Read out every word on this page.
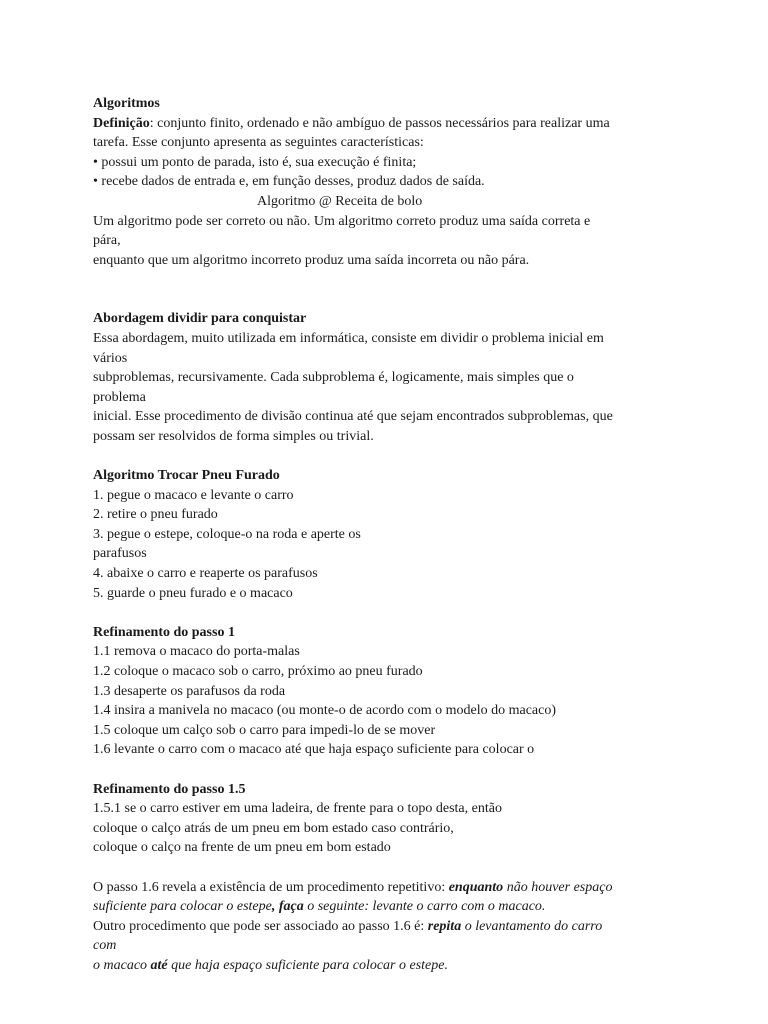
Algoritmos
Definição: conjunto finito, ordenado e não ambíguo de passos necessários para realizar uma
tarefa. Esse conjunto apresenta as seguintes características:
• possui um ponto de parada, isto é, sua execução é finita;
• recebe dados de entrada e, em função desses, produz dados de saída.
Algoritmo @ Receita de bolo
Um algoritmo pode ser correto ou não. Um algoritmo correto produz uma saída correta e
pára,
enquanto que um algoritmo incorreto produz uma saída incorreta ou não pára.
Abordagem dividir para conquistar
Essa abordagem, muito utilizada em informática, consiste em dividir o problema inicial em
vários
subproblemas, recursivamente. Cada subproblema é, logicamente, mais simples que o
problema
inicial. Esse procedimento de divisão continua até que sejam encontrados subproblemas, que
possam ser resolvidos de forma simples ou trivial.
Algoritmo Trocar Pneu Furado
1. pegue o macaco e levante o carro
2. retire o pneu furado
3. pegue o estepe, coloque-o na roda e aperte os
parafusos
4. abaixe o carro e reaperte os parafusos
5. guarde o pneu furado e o macaco
Refinamento do passo 1
1.1 remova o macaco do porta-malas
1.2 coloque o macaco sob o carro, próximo ao pneu furado
1.3 desaperte os parafusos da roda
1.4 insira a manivela no macaco (ou monte-o de acordo com o modelo do macaco)
1.5 coloque um calço sob o carro para impedi-lo de se mover
1.6 levante o carro com o macaco até que haja espaço suficiente para colocar o
Refinamento do passo 1.5
1.5.1 se o carro estiver em uma ladeira, de frente para o topo desta, então
coloque o calço atrás de um pneu em bom estado caso contrário,
coloque o calço na frente de um pneu em bom estado
O passo 1.6 revela a existência de um procedimento repetitivo: enquanto não houver espaço
suficiente para colocar o estepe, faça o seguinte: levante o carro com o macaco.
Outro procedimento que pode ser associado ao passo 1.6 é: repita o levantamento do carro
com
o macaco até que haja espaço suficiente para colocar o estepe.
